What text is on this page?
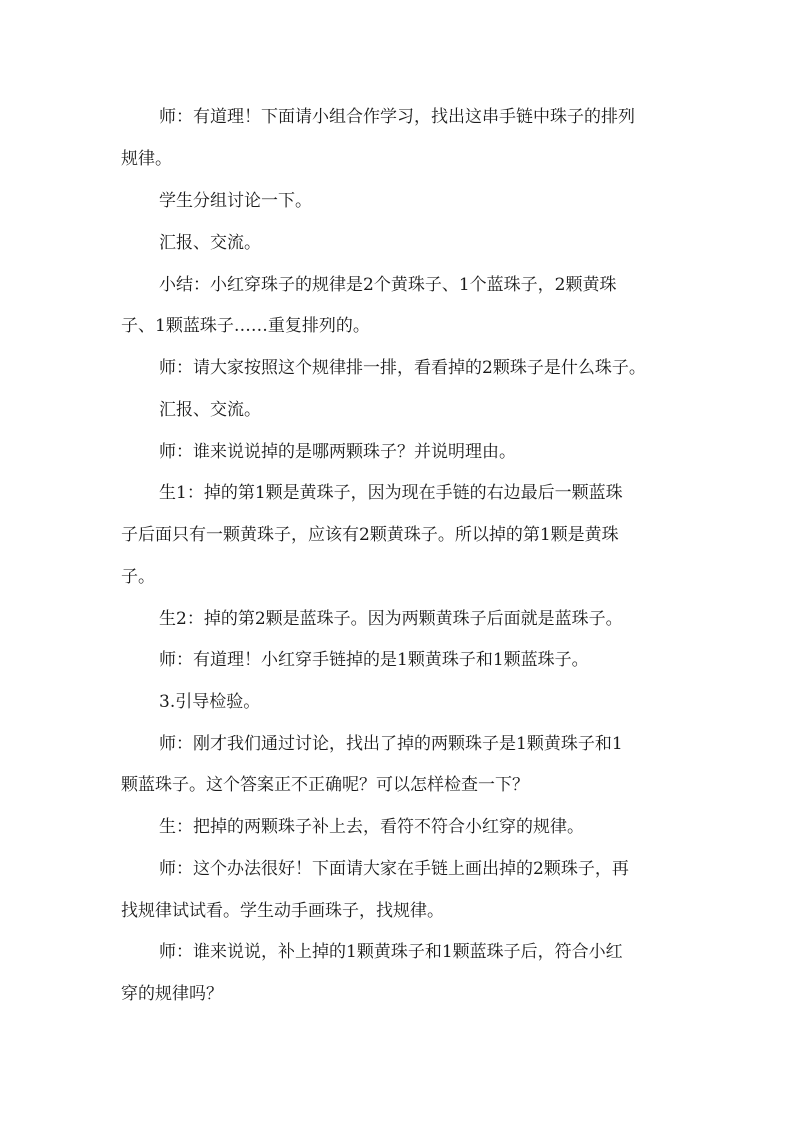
师：有道理！下面请小组合作学习，找出这串手链中珠子的排列
规律。
学生分组讨论一下。
汇报、交流。
小结：小红穿珠子的规律是2个黄珠子、1个蓝珠子，2颗黄珠
子、1颗蓝珠子……重复排列的。
师：请大家按照这个规律排一排，看看掉的2颗珠子是什么珠子。
汇报、交流。
师：谁来说说掉的是哪两颗珠子？并说明理由。
生1：掉的第1颗是黄珠子，因为现在手链的右边最后一颗蓝珠
子后面只有一颗黄珠子，应该有2颗黄珠子。所以掉的第1颗是黄珠
子。
生2：掉的第2颗是蓝珠子。因为两颗黄珠子后面就是蓝珠子。
师：有道理！小红穿手链掉的是1颗黄珠子和1颗蓝珠子。
3.引导检验。
师：刚才我们通过讨论，找出了掉的两颗珠子是1颗黄珠子和1
颗蓝珠子。这个答案正不正确呢？可以怎样检查一下？
生：把掉的两颗珠子补上去，看符不符合小红穿的规律。
师：这个办法很好！下面请大家在手链上画出掉的2颗珠子，再
找规律试试看。学生动手画珠子，找规律。
师：谁来说说，补上掉的1颗黄珠子和1颗蓝珠子后，符合小红
穿的规律吗？
